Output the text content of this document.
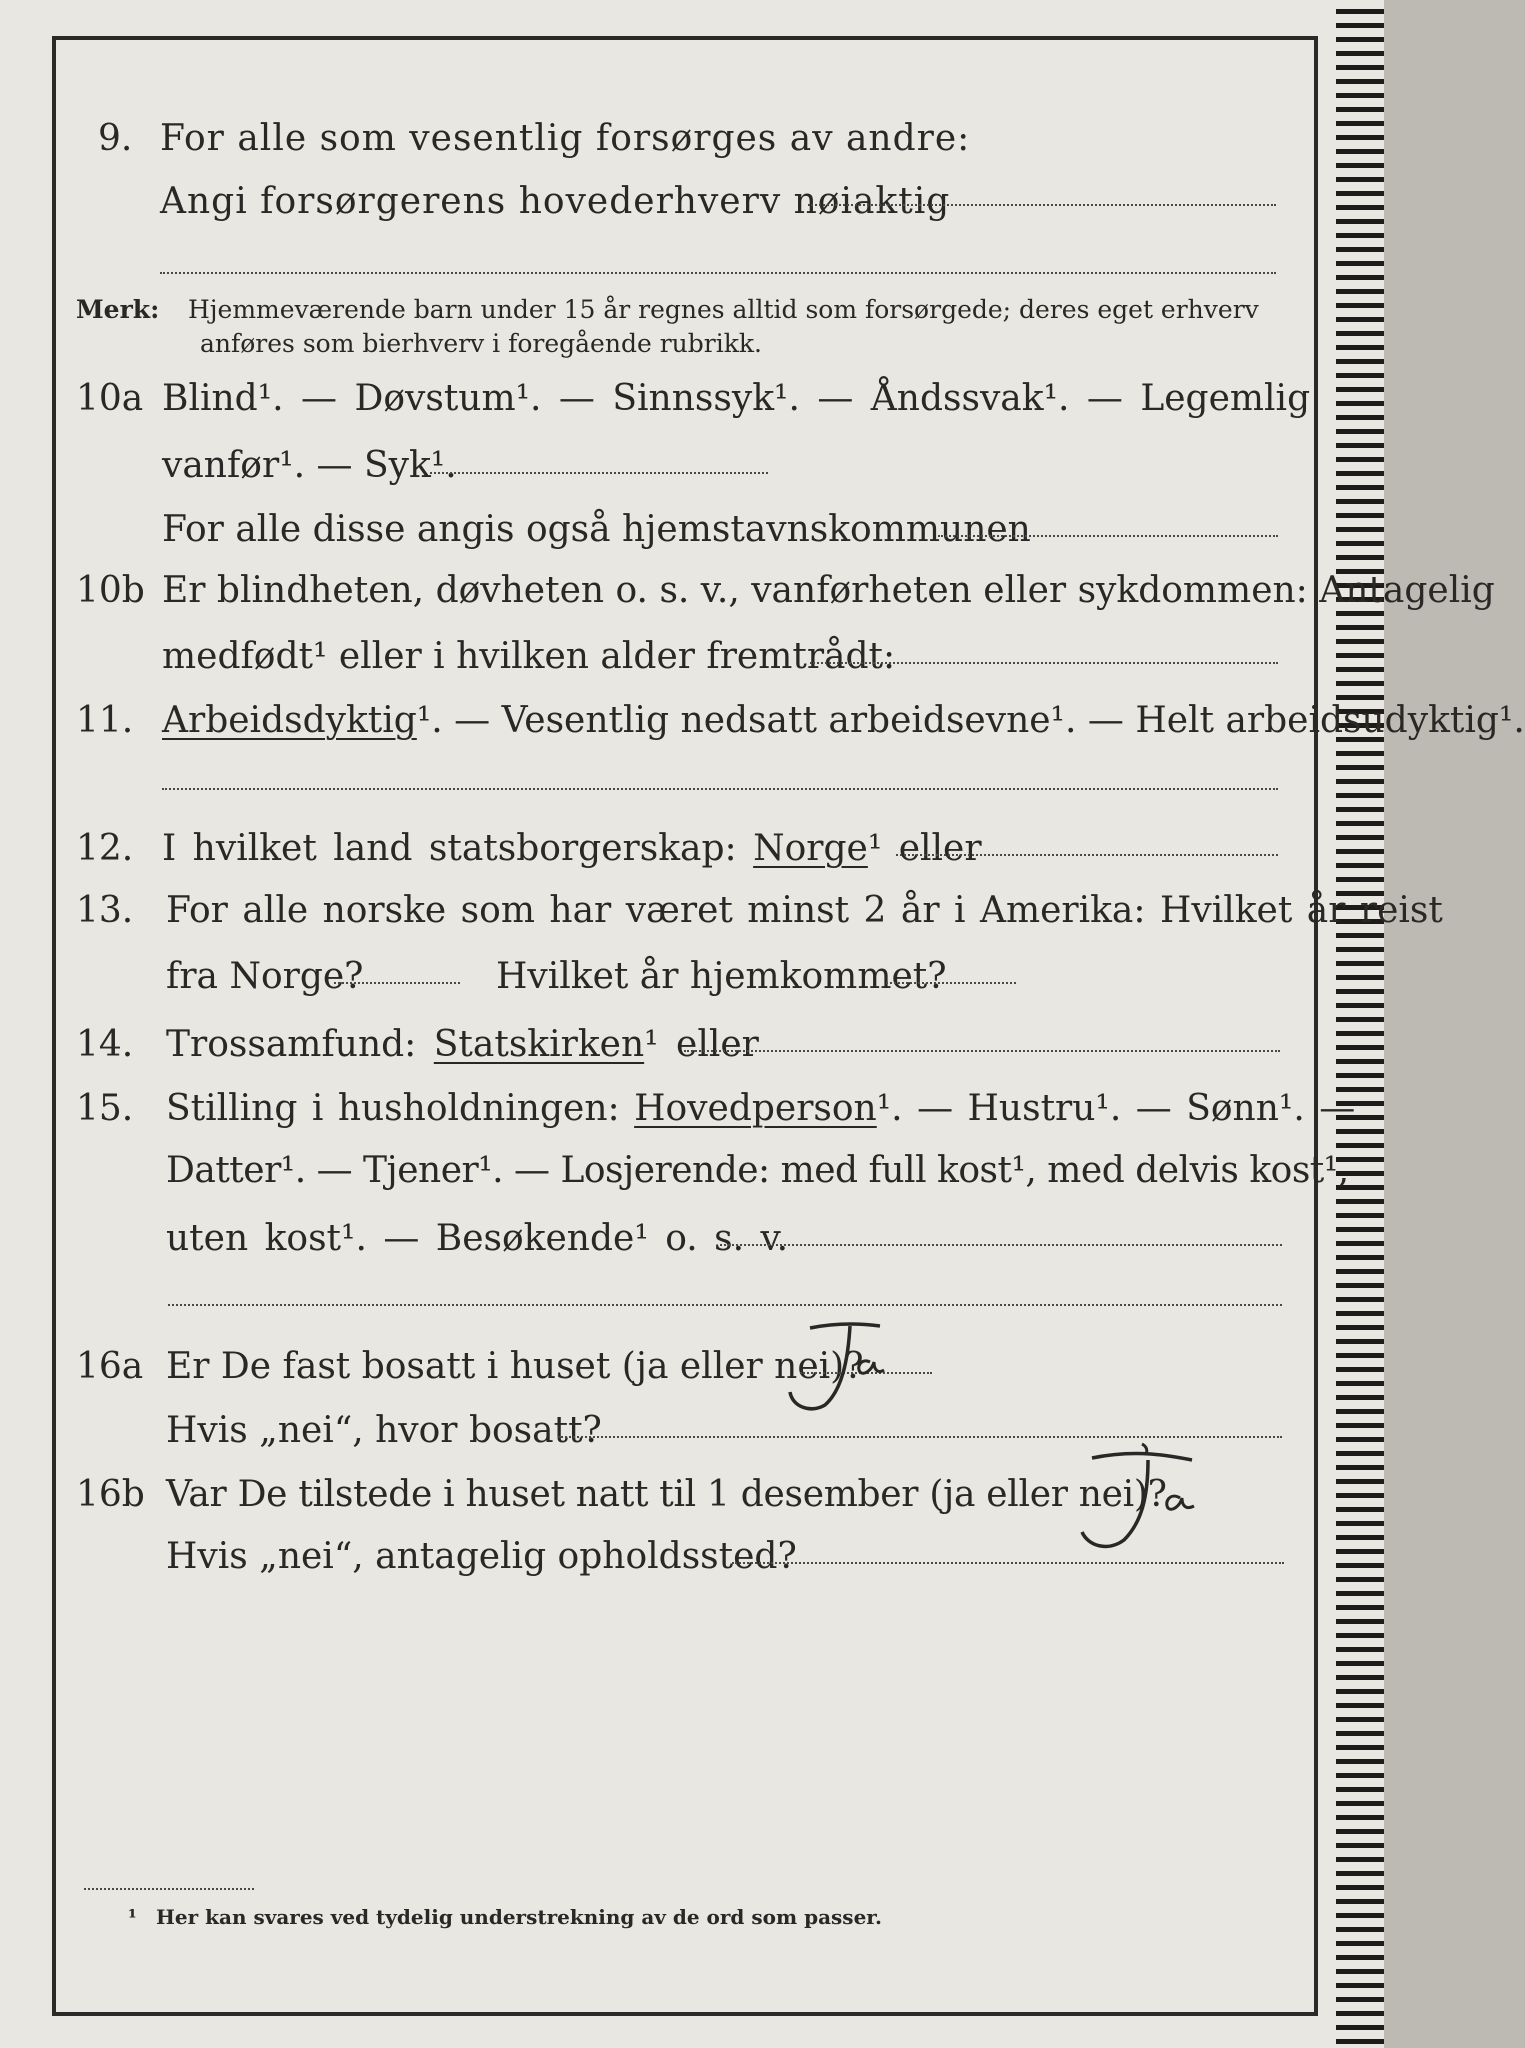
9. For alle som vesentlig forsørges av andre:
Angi forsørgerens hovederhverv nøiaktig
Merk: Hjemmeværende barn under 15 år regnes alltid som forsørgede; deres eget erhverv
anføres som bierhverv i foregående rubrikk.
10a Blind¹. — Døvstum¹. — Sinnssyk¹. — Åndssvak¹. — Legemlig
vanfør¹. — Syk¹.
For alle disse angis også hjemstavnskommunen
10b Er blindheten, døvheten o. s. v., vanførheten eller sykdommen: Antagelig
medfødt¹ eller i hvilken alder fremtrådt:
11. Arbeidsdyktig¹. — Vesentlig nedsatt arbeidsevne¹. — Helt arbeidsudyktig¹.
12. I hvilket land statsborgerskap: Norge¹ eller
13. For alle norske som har været minst 2 år i Amerika: Hvilket år reist
fra Norge?	Hvilket år hjemkommet?
14. Trossamfund: Statskirken¹ eller
15. Stilling i husholdningen: Hovedperson¹. — Hustru¹. — Sønn¹. —
Datter¹. — Tjener¹. — Losjerende: med full kost¹, med delvis kost¹,
uten kost¹. — Besøkende¹ o. s. v.
16a Er De fast bosatt i huset (ja eller nei)?
Ja
Hvis „nei“, hvor bosatt?
16b Var De tilstede i huset natt til 1 desember (ja eller nei)?
Ja
Hvis „nei“, antagelig opholdssted?
¹ Her kan svares ved tydelig understrekning av de ord som passer.
